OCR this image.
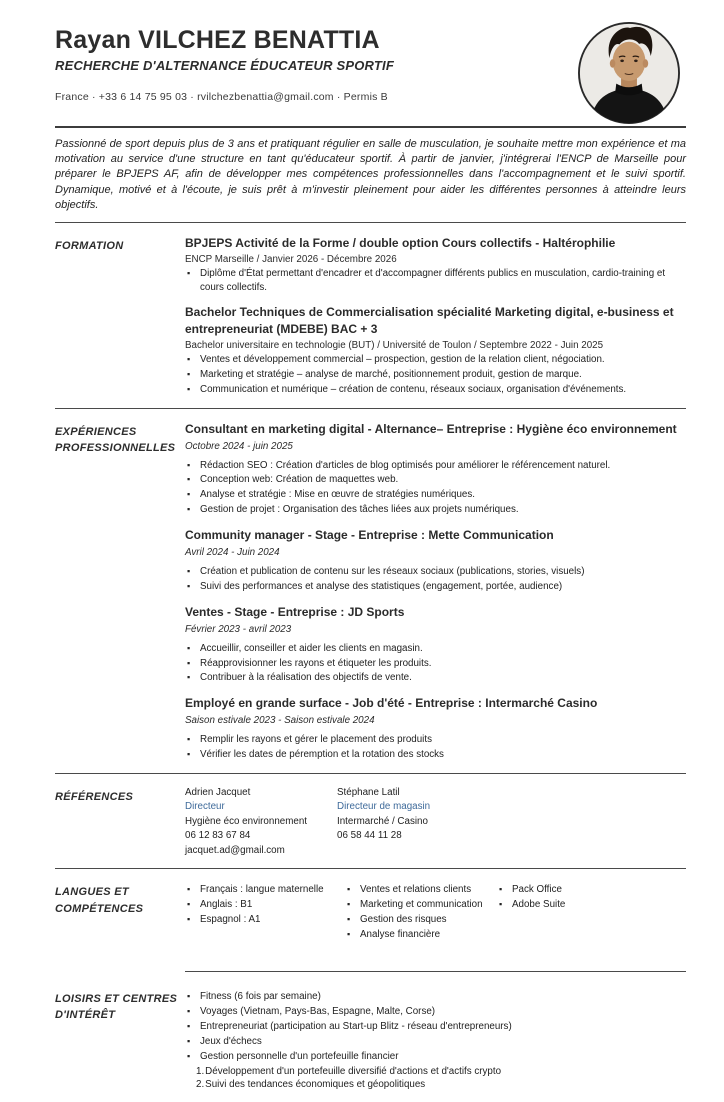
Rayan VILCHEZ BENATTIA
RECHERCHE D'ALTERNANCE ÉDUCATEUR SPORTIF
France · +33 6 14 75 95 03 · rvilchezbenattia@gmail.com · Permis B

Passionné de sport depuis plus de 3 ans et pratiquant régulier en salle de musculation, je souhaite mettre mon expérience et ma motivation au service d'une structure en tant qu'éducateur sportif. À partir de janvier, j'intégrerai l'ENCP de Marseille pour préparer le BPJEPS AF, afin de développer mes compétences professionnelles dans l'accompagnement et le suivi sportif. Dynamique, motivé et à l'écoute, je suis prêt à m'investir pleinement pour aider les différentes personnes à atteindre leurs objectifs.

FORMATION	BPJEPS Activité de la Forme / double option Cours collectifs - Haltérophilie
ENCP Marseille / Janvier 2026 - Décembre 2026
▪ Diplôme d'État permettant d'encadrer et d'accompagner différents publics en musculation, cardio-training et cours collectifs.
Bachelor Techniques de Commercialisation spécialité Marketing digital, e-business et entrepreneuriat (MDEBE) BAC + 3
Bachelor universitaire en technologie (BUT) / Université de Toulon / Septembre 2022 - Juin 2025
▪ Ventes et développement commercial – prospection, gestion de la relation client, négociation.
▪ Marketing et stratégie – analyse de marché, positionnement produit, gestion de marque.
▪ Communication et numérique – création de contenu, réseaux sociaux, organisation d'événements.
EXPÉRIENCES PROFESSIONNELLES
Consultant en marketing digital - Alternance– Entreprise : Hygiène éco environnement
Octobre 2024 - juin 2025
▪ Rédaction SEO : Création d'articles de blog optimisés pour améliorer le référencement naturel.
▪ Conception web: Création de maquettes web.
▪ Analyse et stratégie : Mise en œuvre de stratégies numériques.
▪ Gestion de projet : Organisation des tâches liées aux projets numériques.
Community manager - Stage - Entreprise : Mette Communication
Avril 2024 - Juin 2024
▪ Création et publication de contenu sur les réseaux sociaux (publications, stories, visuels)
▪ Suivi des performances et analyse des statistiques (engagement, portée, audience)
Ventes - Stage - Entreprise : JD Sports
Février 2023 - avril 2023
▪ Accueillir, conseiller et aider les clients en magasin.
▪ Réapprovisionner les rayons et étiqueter les produits.
▪ Contribuer à la réalisation des objectifs de vente.
Employé en grande surface - Job d'été - Entreprise : Intermarché Casino
Saison estivale 2023 - Saison estivale 2024
▪ Remplir les rayons et gérer le placement des produits
▪ Vérifier les dates de péremption et la rotation des stocks
RÉFÉRENCES	Adrien Jacquet
Directeur
Hygiène éco environnement
06 12 83 67 84
jacquet.ad@gmail.com
Stéphane Latil
Directeur de magasin
Intermarché / Casino
06 58 44 11 28
LANGUES ET COMPÉTENCES
▪ Français : langue maternelle
▪ Anglais : B1
▪ Espagnol : A1
▪ Ventes et relations clients
▪ Marketing et communication
▪ Gestion des risques
▪ Analyse financière
▪ Pack Office
▪ Adobe Suite
LOISIRS ET CENTRES D'INTÉRÊT
▪ Fitness (6 fois par semaine)
▪ Voyages (Vietnam, Pays-Bas, Espagne, Malte, Corse)
▪ Entrepreneuriat (participation au Start-up Blitz - réseau d'entrepreneurs)
▪ Jeux d'échecs
▪ Gestion personnelle d'un portefeuille financier
1.Développement d'un portefeuille diversifié d'actions et d'actifs crypto
2.Suivi des tendances économiques et géopolitiques
